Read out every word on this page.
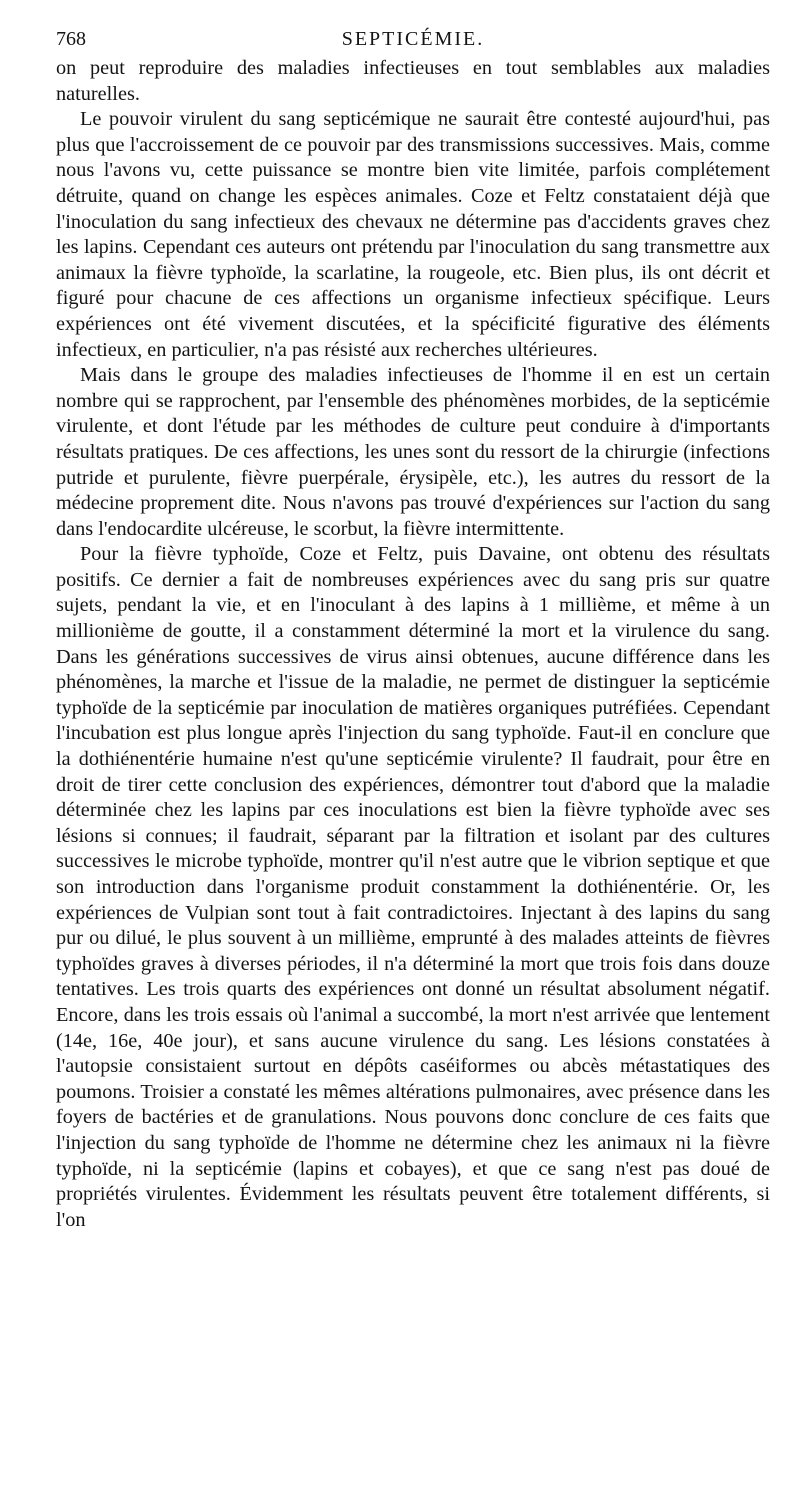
768	SEPTICÉMIE.

on peut reproduire des maladies infectieuses en tout semblables aux maladies naturelles.

Le pouvoir virulent du sang septicémique ne saurait être contesté aujourd'hui, pas plus que l'accroissement de ce pouvoir par des transmissions successives. Mais, comme nous l'avons vu, cette puissance se montre bien vite limitée, parfois complétement détruite, quand on change les espèces animales. Coze et Feltz constataient déjà que l'inoculation du sang infectieux des chevaux ne détermine pas d'accidents graves chez les lapins. Cependant ces auteurs ont prétendu par l'inoculation du sang transmettre aux animaux la fièvre typhoïde, la scarlatine, la rougeole, etc. Bien plus, ils ont décrit et figuré pour chacune de ces affections un organisme infectieux spécifique. Leurs expériences ont été vivement discutées, et la spécificité figurative des éléments infectieux, en particulier, n'a pas résisté aux recherches ultérieures.

Mais dans le groupe des maladies infectieuses de l'homme il en est un certain nombre qui se rapprochent, par l'ensemble des phénomènes morbides, de la septicémie virulente, et dont l'étude par les méthodes de culture peut conduire à d'importants résultats pratiques. De ces affections, les unes sont du ressort de la chirurgie (infections putride et purulente, fièvre puerpérale, érysipèle, etc.), les autres du ressort de la médecine proprement dite. Nous n'avons pas trouvé d'expériences sur l'action du sang dans l'endocardite ulcéreuse, le scorbut, la fièvre intermittente.

Pour la fièvre typhoïde, Coze et Feltz, puis Davaine, ont obtenu des résultats positifs. Ce dernier a fait de nombreuses expériences avec du sang pris sur quatre sujets, pendant la vie, et en l'inoculant à des lapins à 1 millième, et même à un millionième de goutte, il a constamment déterminé la mort et la virulence du sang. Dans les générations successives de virus ainsi obtenues, aucune différence dans les phénomènes, la marche et l'issue de la maladie, ne permet de distinguer la septicémie typhoïde de la septicémie par inoculation de matières organiques putréfiées. Cependant l'incubation est plus longue après l'injection du sang typhoïde. Faut-il en conclure que la dothiénentérie humaine n'est qu'une septicémie virulente? Il faudrait, pour être en droit de tirer cette conclusion des expériences, démontrer tout d'abord que la maladie déterminée chez les lapins par ces inoculations est bien la fièvre typhoïde avec ses lésions si connues; il faudrait, séparant par la filtration et isolant par des cultures successives le microbe typhoïde, montrer qu'il n'est autre que le vibrion septique et que son introduction dans l'organisme produit constamment la dothiénentérie. Or, les expériences de Vulpian sont tout à fait contradictoires. Injectant à des lapins du sang pur ou dilué, le plus souvent à un millième, emprunté à des malades atteints de fièvres typhoïdes graves à diverses périodes, il n'a déterminé la mort que trois fois dans douze tentatives. Les trois quarts des expériences ont donné un résultat absolument négatif. Encore, dans les trois essais où l'animal a succombé, la mort n'est arrivée que lentement (14e, 16e, 40e jour), et sans aucune virulence du sang. Les lésions constatées à l'autopsie consistaient surtout en dépôts caséiformes ou abcès métastatiques des poumons. Troisier a constaté les mêmes altérations pulmonaires, avec présence dans les foyers de bactéries et de granulations. Nous pouvons donc conclure de ces faits que l'injection du sang typhoïde de l'homme ne détermine chez les animaux ni la fièvre typhoïde, ni la septicémie (lapins et cobayes), et que ce sang n'est pas doué de propriétés virulentes. Évidemment les résultats peuvent être totalement différents, si l'on
